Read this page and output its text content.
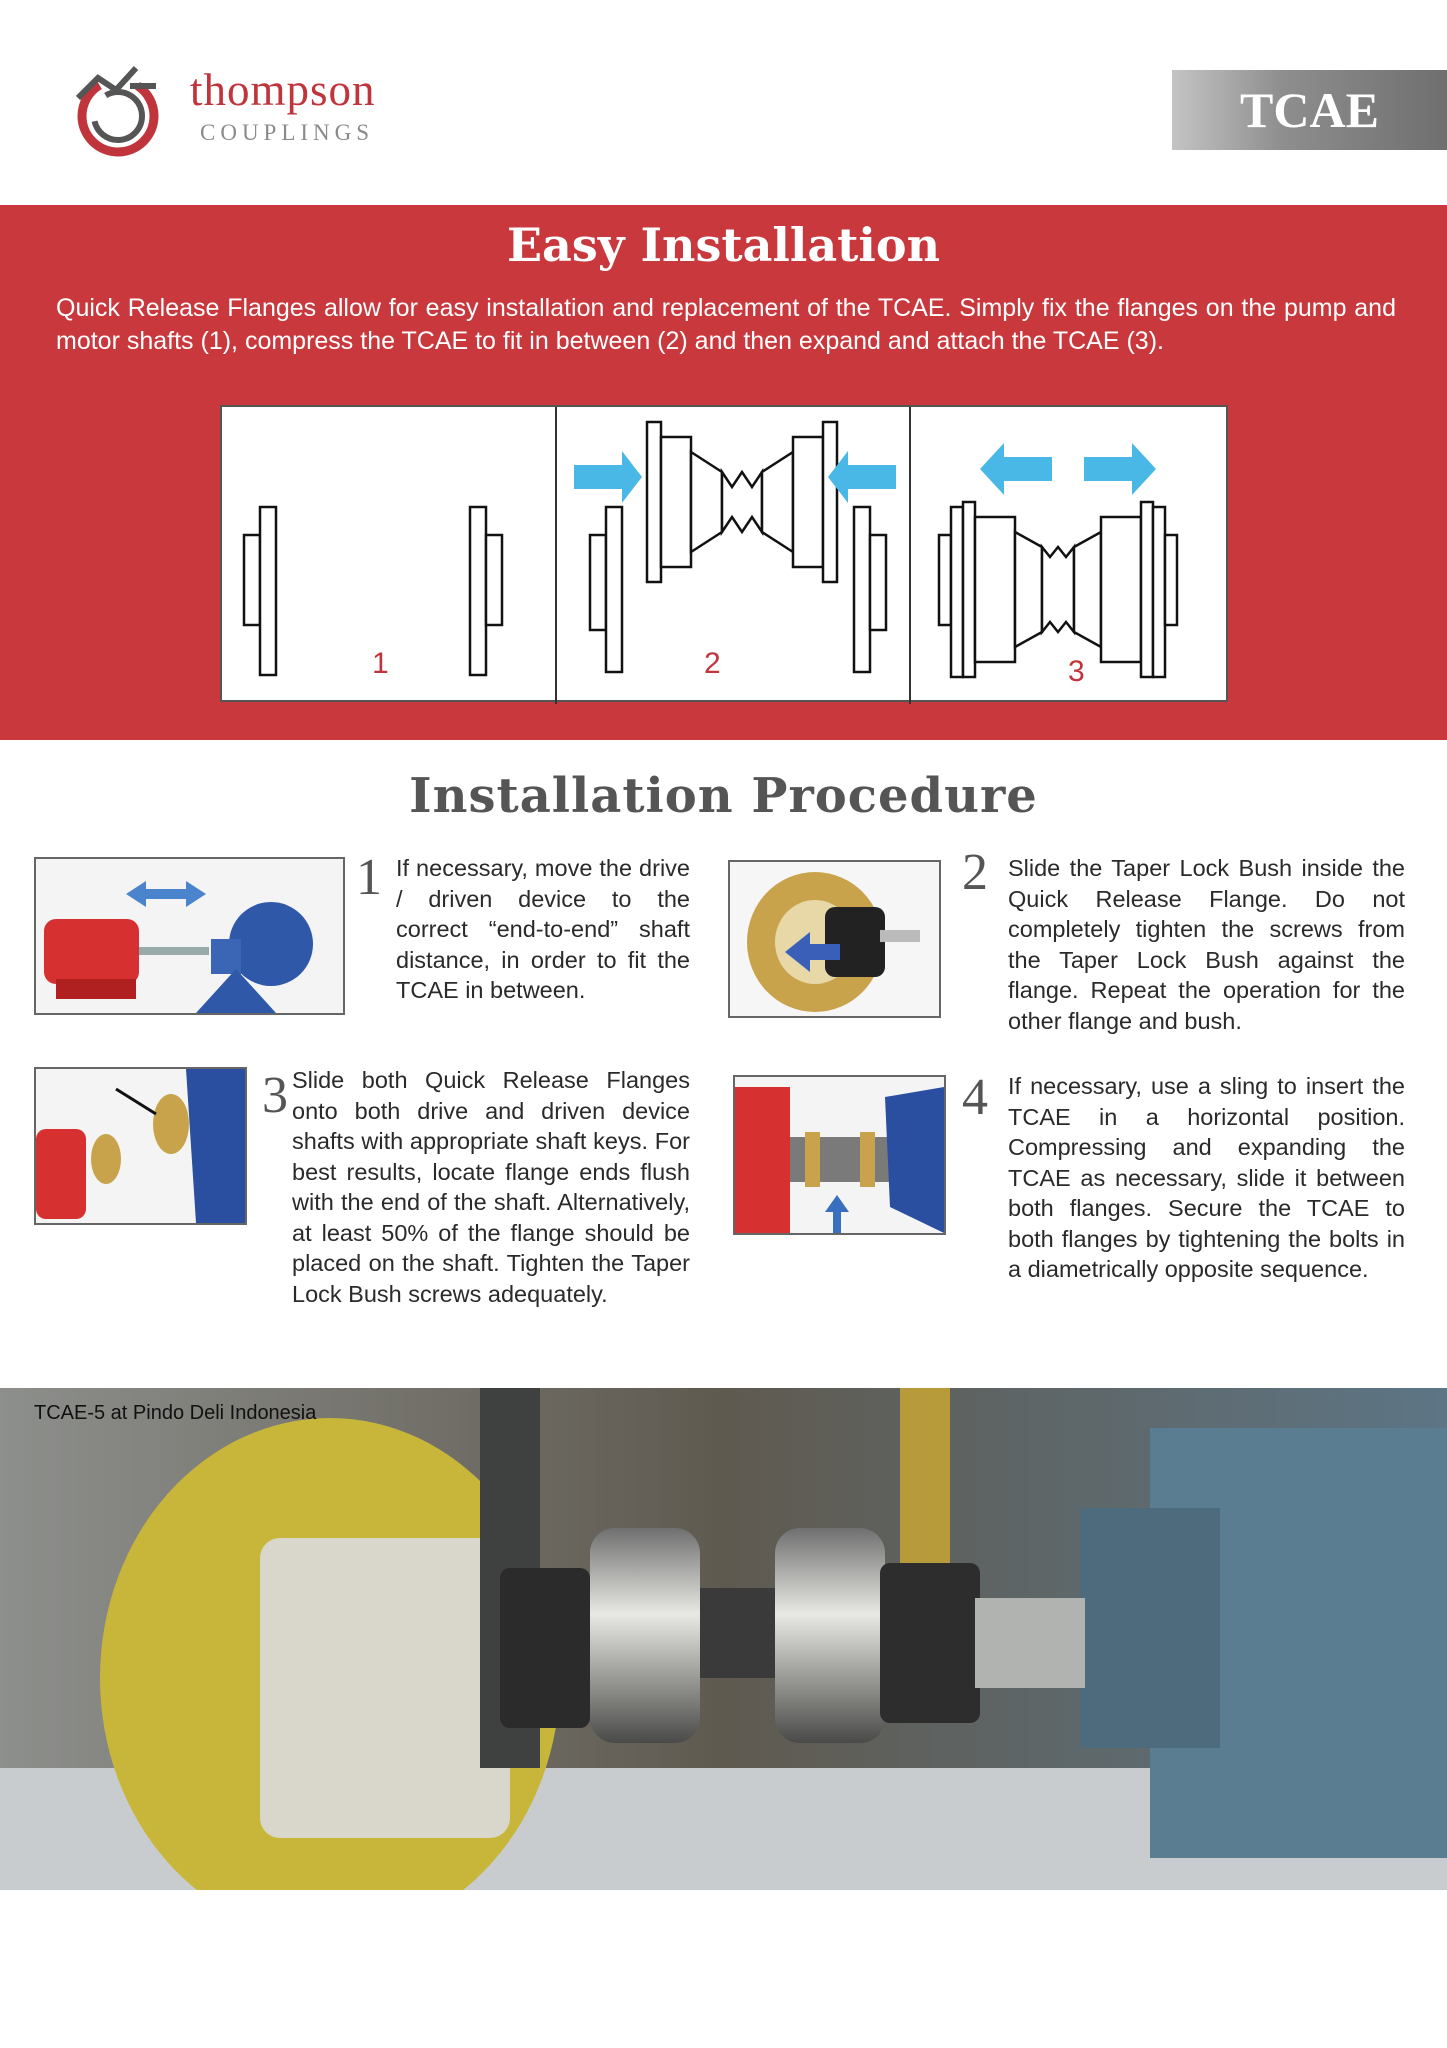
thompson
COUPLINGS	TCAE
Easy Installation
Quick Release Flanges allow for easy installation and replacement of the TCAE. Simply fix the flanges on the pump and motor shafts (1), compress the TCAE to fit in between (2) and then expand and attach the TCAE (3).
1	2	3
Installation Procedure
1 If necessary, move the drive / driven device to the correct “end-to-end” shaft distance, in order to fit the TCAE in between.
2 Slide the Taper Lock Bush inside the Quick Release Flange. Do not completely tighten the screws from the Taper Lock Bush against the flange. Repeat the operation for the other flange and bush.
3 Slide both Quick Release Flanges onto both drive and driven device shafts with appropriate shaft keys. For best results, locate flange ends flush with the end of the shaft. Alternatively, at least 50% of the flange should be placed on the shaft. Tighten the Taper Lock Bush screws adequately.
4 If necessary, use a sling to insert the TCAE in a horizontal position. Compressing and expanding the TCAE as necessary, slide it between both flanges. Secure the TCAE to both flanges by tightening the bolts in a diametrically opposite sequence.
TCAE-5 at Pindo Deli Indonesia
